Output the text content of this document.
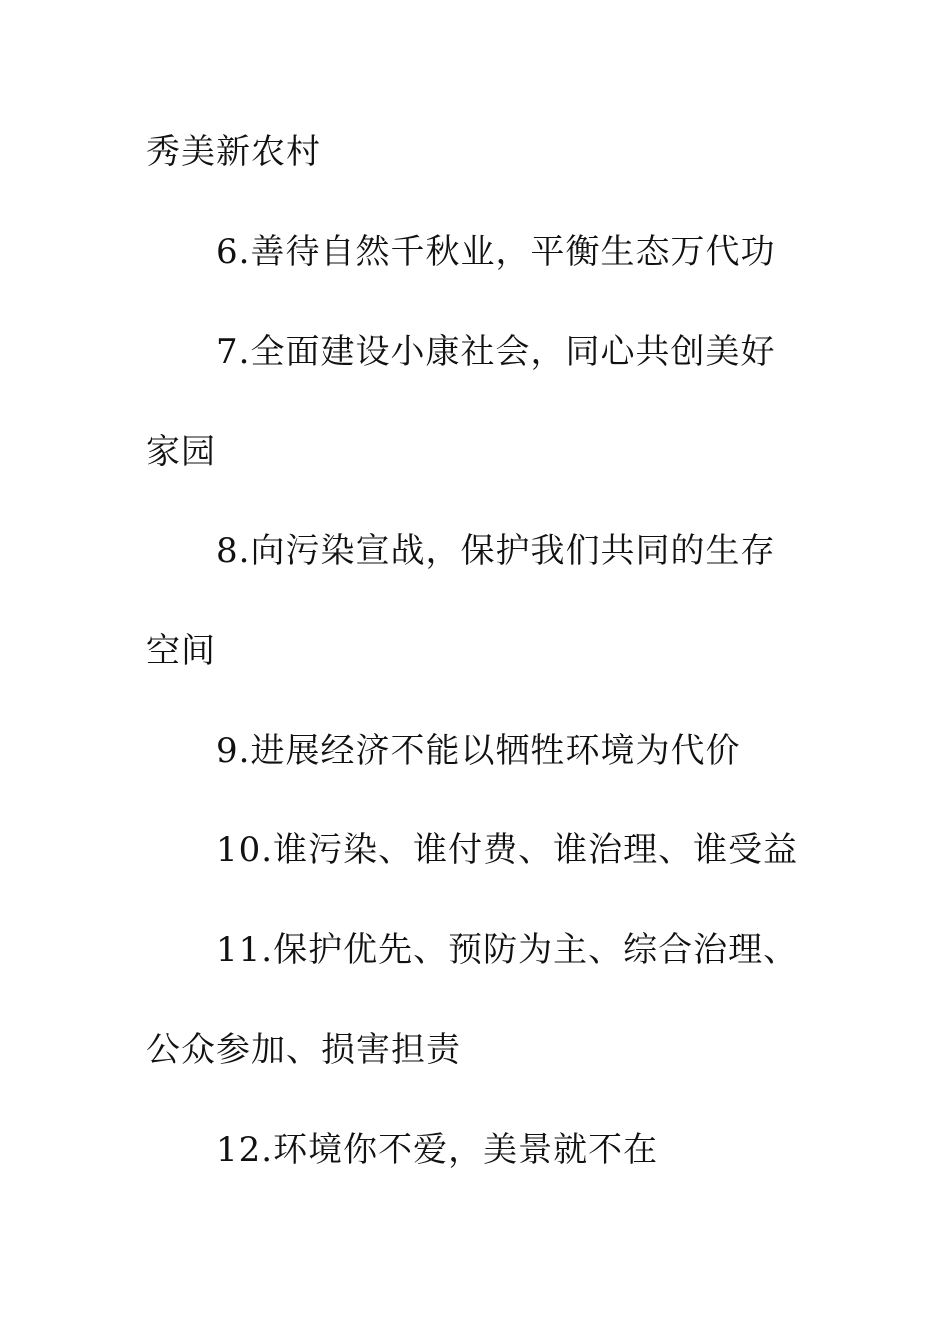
秀美新农村

6.善待自然千秋业，平衡生态万代功

7.全面建设小康社会，同心共创美好

家园

8.向污染宣战，保护我们共同的生存

空间

9.进展经济不能以牺牲环境为代价

10.谁污染、谁付费、谁治理、谁受益

11.保护优先、预防为主、综合治理、

公众参加、损害担责

12.环境你不爱，美景就不在
